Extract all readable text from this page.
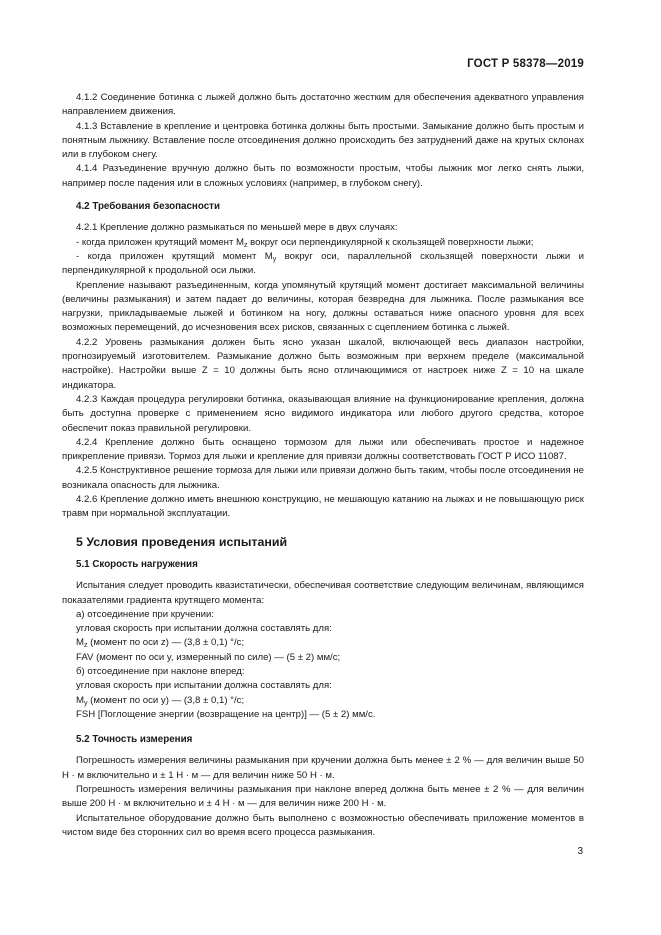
ГОСТ Р 58378—2019

4.1.2 Соединение ботинка с лыжей должно быть достаточно жестким для обеспечения адекватного управления направлением движения.

4.1.3 Вставление в крепление и центровка ботинка должны быть простыми. Замыкание должно быть простым и понятным лыжнику. Вставление после отсоединения должно происходить без затруднений даже на крутых склонах или в глубоком снегу.

4.1.4 Разъединение вручную должно быть по возможности простым, чтобы лыжник мог легко снять лыжи, например после падения или в сложных условиях (например, в глубоком снегу).

4.2 Требования безопасности

4.2.1 Крепление должно размыкаться по меньшей мере в двух случаях:

- когда приложен крутящий момент $M_z$ вокруг оси перпендикулярной к скользящей поверхности лыжи;

- когда приложен крутящий момент $M_y$ вокруг оси, параллельной скользящей поверхности лыжи и перпендикулярной к продольной оси лыжи.

Крепление называют разъединенным, когда упомянутый крутящий момент достигает максимальной величины (величины размыкания) и затем падает до величины, которая безвредна для лыжника. После размыкания все нагрузки, прикладываемые лыжей и ботинком на ногу, должны оставаться ниже опасного уровня для всех возможных перемещений, до исчезновения всех рисков, связанных с сцеплением ботинка с лыжей.

4.2.2 Уровень размыкания должен быть ясно указан шкалой, включающей весь диапазон настройки, прогнозируемый изготовителем. Размыкание должно быть возможным при верхнем пределе (максимальной настройке). Настройки выше Z = 10 должны быть ясно отличающимися от настроек ниже Z = 10 на шкале индикатора.

4.2.3 Каждая процедура регулировки ботинка, оказывающая влияние на функционирование крепления, должна быть доступна проверке с применением ясно видимого индикатора или любого другого средства, которое обеспечит показ правильной регулировки.

4.2.4 Крепление должно быть оснащено тормозом для лыжи или обеспечивать простое и надежное прикрепление привязи. Тормоз для лыжи и крепление для привязи должны соответствовать ГОСТ Р ИСО 11087.

4.2.5 Конструктивное решение тормоза для лыжи или привязи должно быть таким, чтобы после отсоединения не возникала опасность для лыжника.

4.2.6 Крепление должно иметь внешнюю конструкцию, не мешающую катанию на лыжах и не повышающую риск травм при нормальной эксплуатации.

5 Условия проведения испытаний
5.1 Скорость нагружения

Испытания следует проводить квазистатически, обеспечивая соответствие следующим величинам, являющимся показателями градиента крутящего момента:

а) отсоединение при кручении:

угловая скорость при испытании должна составлять для:

$M_z$ (момент по оси z) — (3,8 ± 0,1) °/с;

FAV (момент по оси y, измеренный по силе) — (5 ± 2) мм/с;

б) отсоединение при наклоне вперед:

угловая скорость при испытании должна составлять для:

$M_y$ (момент по оси y) — (3,8 ± 0,1) °/с;

FSH [Поглощение энергии (возвращение на центр)] — (5 ± 2) мм/с.

5.2 Точность измерения

Погрешность измерения величины размыкания при кручении должна быть менее ± 2 % — для величин выше 50 Н · м включительно и ± 1 Н · м — для величин ниже 50 Н · м.

Погрешность измерения величины размыкания при наклоне вперед должна быть менее ± 2 % — для величин выше 200 Н · м включительно и ± 4 Н · м — для величин ниже 200 Н · м.

Испытательное оборудование должно быть выполнено с возможностью обеспечивать приложение моментов в чистом виде без сторонних сил во время всего процесса размыкания.

3
